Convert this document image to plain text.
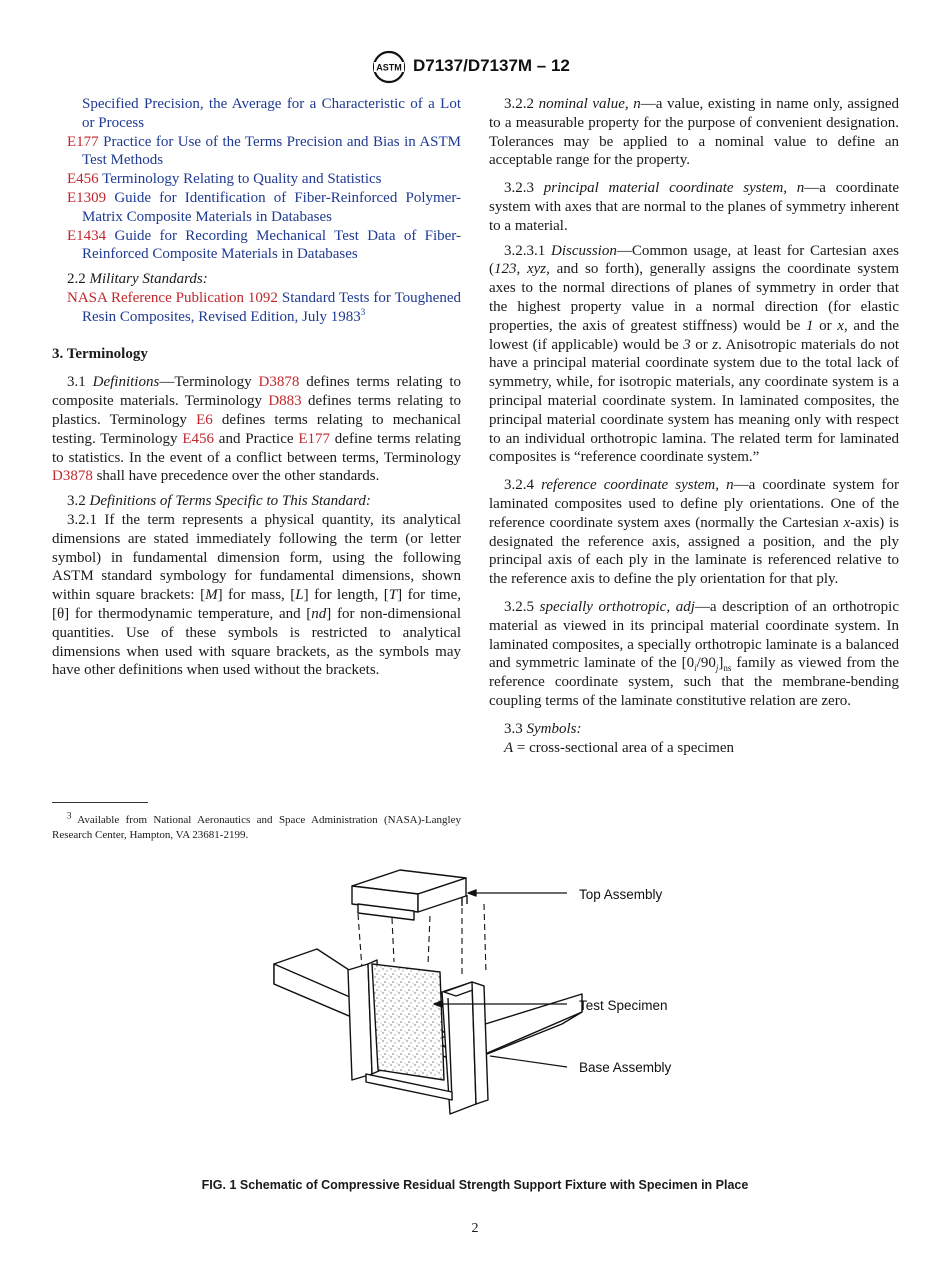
ASTM D7137/D7137M – 12
Specified Precision, the Average for a Characteristic of a Lot or Process
E177 Practice for Use of the Terms Precision and Bias in ASTM Test Methods
E456 Terminology Relating to Quality and Statistics
E1309 Guide for Identification of Fiber-Reinforced Polymer-Matrix Composite Materials in Databases
E1434 Guide for Recording Mechanical Test Data of Fiber-Reinforced Composite Materials in Databases
2.2 Military Standards:
NASA Reference Publication 1092 Standard Tests for Toughened Resin Composites, Revised Edition, July 1983$^3$
3. Terminology
3.1 Definitions—Terminology D3878 defines terms relating to composite materials. Terminology D883 defines terms relating to plastics. Terminology E6 defines terms relating to mechanical testing. Terminology E456 and Practice E177 define terms relating to statistics. In the event of a conflict between terms, Terminology D3878 shall have precedence over the other standards.
3.2 Definitions of Terms Specific to This Standard:
3.2.1 If the term represents a physical quantity, its analytical dimensions are stated immediately following the term (or letter symbol) in fundamental dimension form, using the following ASTM standard symbology for fundamental dimensions, shown within square brackets: [M] for mass, [L] for length, [T] for time, [θ] for thermodynamic temperature, and [nd] for non-dimensional quantities. Use of these symbols is restricted to analytical dimensions when used with square brackets, as the symbols may have other definitions when used without the brackets.
3.2.2 nominal value, n—a value, existing in name only, assigned to a measurable property for the purpose of convenient designation. Tolerances may be applied to a nominal value to define an acceptable range for the property.
3.2.3 principal material coordinate system, n—a coordinate system with axes that are normal to the planes of symmetry inherent to a material.
3.2.3.1 Discussion—Common usage, at least for Cartesian axes (123, xyz, and so forth), generally assigns the coordinate system axes to the normal directions of planes of symmetry in order that the highest property value in a normal direction (for elastic properties, the axis of greatest stiffness) would be 1 or x, and the lowest (if applicable) would be 3 or z. Anisotropic materials do not have a principal material coordinate system due to the total lack of symmetry, while, for isotropic materials, any coordinate system is a principal material coordinate system. In laminated composites, the principal material coordinate system has meaning only with respect to an individual orthotropic lamina. The related term for laminated composites is “reference coordinate system.”
3.2.4 reference coordinate system, n—a coordinate system for laminated composites used to define ply orientations. One of the reference coordinate system axes (normally the Cartesian x-axis) is designated the reference axis, assigned a position, and the ply principal axis of each ply in the laminate is referenced relative to the reference axis to define the ply orientation for that ply.
3.2.5 specially orthotropic, adj—a description of an orthotropic material as viewed in its principal material coordinate system. In laminated composites, a specially orthotropic laminate is a balanced and symmetric laminate of the $[0_i/90_j]_{ns}$ family as viewed from the reference coordinate system, such that the membrane-bending coupling terms of the laminate constitutive relation are zero.
3.3 Symbols:
A = cross-sectional area of a specimen
$^3$ Available from National Aeronautics and Space Administration (NASA)-Langley Research Center, Hampton, VA 23681-2199.
Top Assembly
Test Specimen
Base Assembly
FIG. 1 Schematic of Compressive Residual Strength Support Fixture with Specimen in Place
2
